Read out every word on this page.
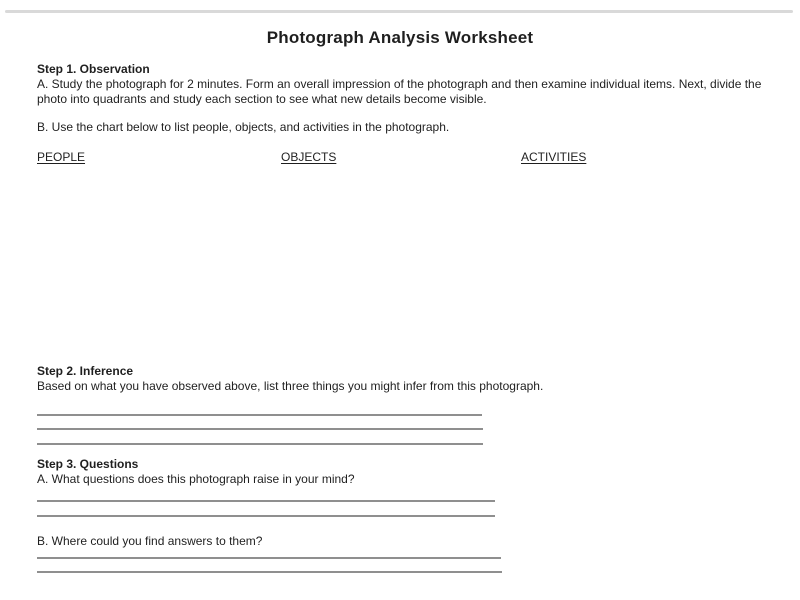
Photograph Analysis Worksheet
Step 1. Observation
A. Study the photograph for 2 minutes. Form an overall impression of the photograph and then examine individual items. Next, divide the photo into quadrants and study each section to see what new details become visible.
B. Use the chart below to list people, objects, and activities in the photograph.
PEOPLE	OBJECTS	ACTIVITIES
Step 2. Inference
Based on what you have observed above, list three things you might infer from this photograph.
Step 3. Questions
A. What questions does this photograph raise in your mind?
B. Where could you find answers to them?
